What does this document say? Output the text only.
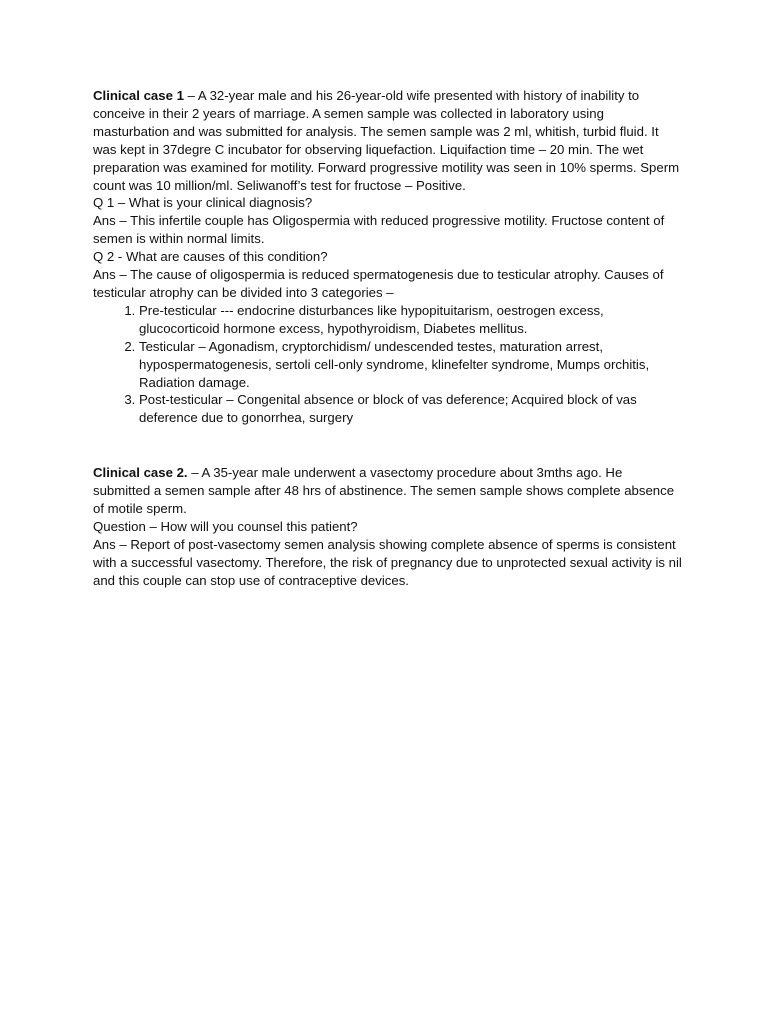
Clinical case 1 – A 32-year male and his 26-year-old wife presented with history of inability to conceive in their 2 years of marriage. A semen sample was collected in laboratory using masturbation and was submitted for analysis. The semen sample was 2 ml, whitish, turbid fluid. It was kept in 37degre C incubator for observing liquefaction. Liquifaction time – 20 min. The wet preparation was examined for motility. Forward progressive motility was seen in 10% sperms. Sperm count was 10 million/ml. Seliwanoff’s test for fructose – Positive.

Q 1 – What is your clinical diagnosis?

Ans – This infertile couple has Oligospermia with reduced progressive motility. Fructose content of semen is within normal limits.

Q 2 - What are causes of this condition?

Ans – The cause of oligospermia is reduced spermatogenesis due to testicular atrophy. Causes of testicular atrophy can be divided into 3 categories –

1. Pre-testicular --- endocrine disturbances like hypopituitarism, oestrogen excess, glucocorticoid hormone excess, hypothyroidism, Diabetes mellitus.
2. Testicular – Agonadism, cryptorchidism/ undescended testes, maturation arrest, hypospermatogenesis, sertoli cell-only syndrome, klinefelter syndrome, Mumps orchitis, Radiation damage.
3. Post-testicular – Congenital absence or block of vas deference; Acquired block of vas deference due to gonorrhea, surgery

Clinical case 2. – A 35-year male underwent a vasectomy procedure about 3mths ago. He submitted a semen sample after 48 hrs of abstinence. The semen sample shows complete absence of motile sperm.

Question – How will you counsel this patient?

Ans – Report of post-vasectomy semen analysis showing complete absence of sperms is consistent with a successful vasectomy. Therefore, the risk of pregnancy due to unprotected sexual activity is nil and this couple can stop use of contraceptive devices.
